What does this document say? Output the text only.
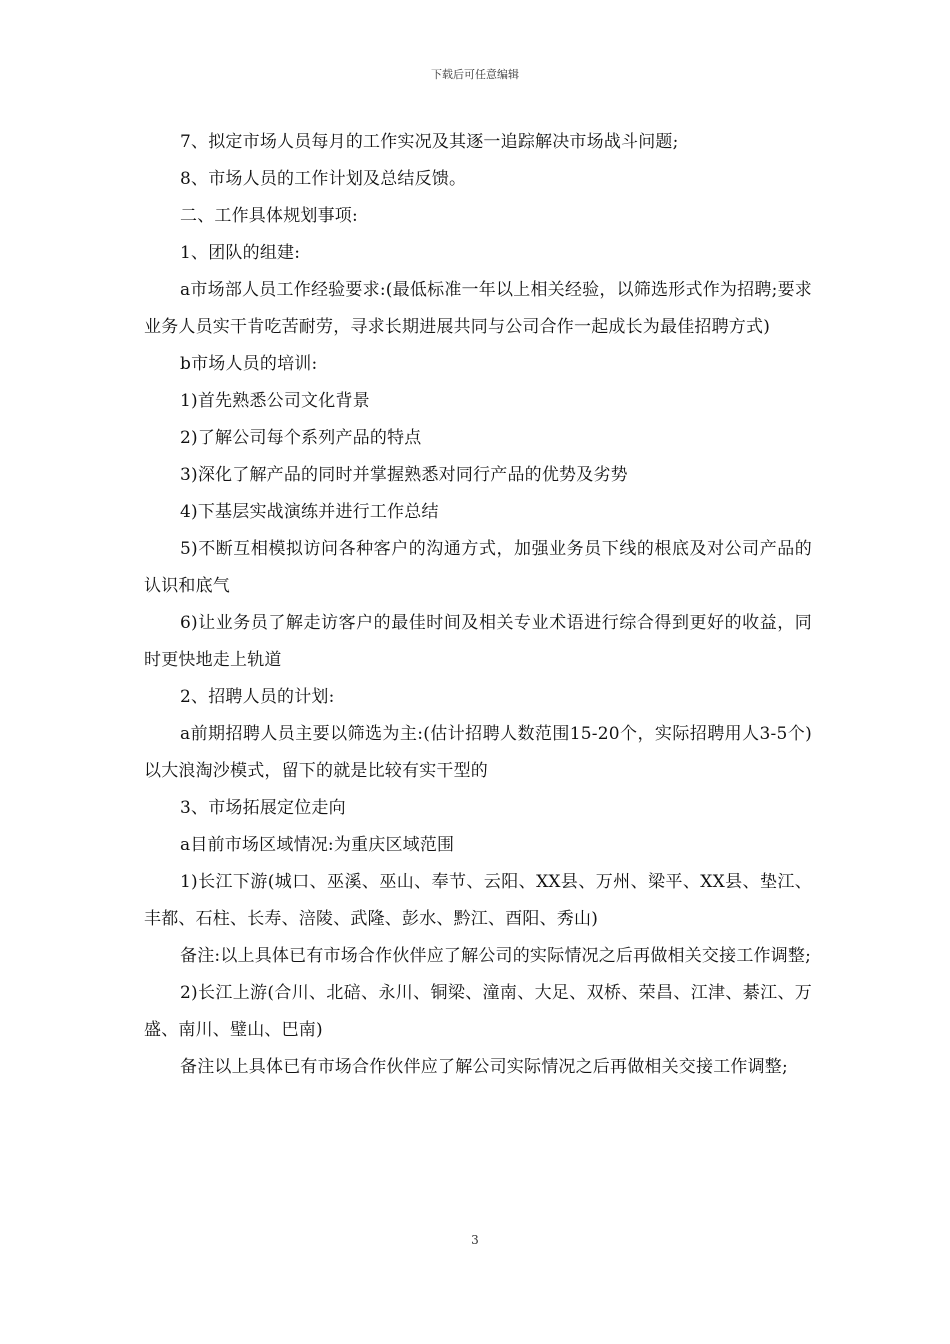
下载后可任意编辑

7、拟定市场人员每月的工作实况及其逐一追踪解决市场战斗问题;

8、市场人员的工作计划及总结反馈。

二、工作具体规划事项:

1、团队的组建:

a市场部人员工作经验要求:(最低标准一年以上相关经验，以筛选形式作为招聘;要求业务人员实干肯吃苦耐劳，寻求长期进展共同与公司合作一起成长为最佳招聘方式)

b市场人员的培训:

1)首先熟悉公司文化背景

2)了解公司每个系列产品的特点

3)深化了解产品的同时并掌握熟悉对同行产品的优势及劣势

4)下基层实战演练并进行工作总结

5)不断互相模拟访问各种客户的沟通方式，加强业务员下线的根底及对公司产品的认识和底气

6)让业务员了解走访客户的最佳时间及相关专业术语进行综合得到更好的收益，同时更快地走上轨道

2、招聘人员的计划:

a前期招聘人员主要以筛选为主:(估计招聘人数范围15-20个，实际招聘用人3-5个)以大浪淘沙模式，留下的就是比较有实干型的

3、市场拓展定位走向

a目前市场区域情况:为重庆区域范围

1)长江下游(城口、巫溪、巫山、奉节、云阳、XX县、万州、梁平、XX县、垫江、丰都、石柱、长寿、涪陵、武隆、彭水、黔江、酉阳、秀山)

备注:以上具体已有市场合作伙伴应了解公司的实际情况之后再做相关交接工作调整;

2)长江上游(合川、北碚、永川、铜梁、潼南、大足、双桥、荣昌、江津、綦江、万盛、南川、璧山、巴南)

备注以上具体已有市场合作伙伴应了解公司实际情况之后再做相关交接工作调整;

3
